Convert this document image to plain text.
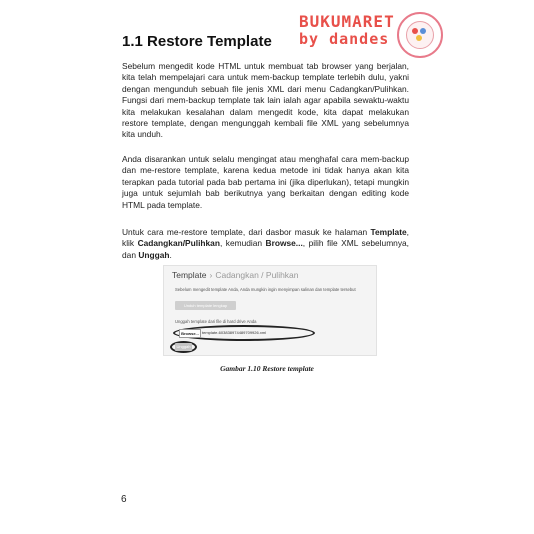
BUKUMARET
by dandes
1.1 Restore Template

Sebelum mengedit kode HTML untuk membuat tab browser yang berjalan, kita telah mempelajari cara untuk mem-backup template terlebih dulu, yakni dengan mengunduh sebuah file jenis XML dari menu Cadangkan/Pulihkan. Fungsi dari mem-backup template tak lain ialah agar apabila sewaktu-waktu kita melakukan kesalahan dalam mengedit kode, kita dapat melakukan restore template, dengan mengunggah kembali file XML yang sebelumnya kita unduh.

Anda disarankan untuk selalu mengingat atau menghafal cara mem-backup dan me-restore template, karena kedua metode ini tidak hanya akan kita terapkan pada tutorial pada bab pertama ini (jika diperlukan), tetapi mungkin juga untuk sejumlah bab berikutnya yang berkaitan dengan editing kode HTML pada template.

Untuk cara me-restore template, dari dasbor masuk ke halaman Template, klik Cadangkan/Pulihkan, kemudian Browse..., pilih file XML sebelumnya, dan Unggah.

Template › Cadangkan / Pulihkan
Sebelum mengedit template Anda, Anda mungkin ingin menyimpan salinan dan template tersebut
Unduh template lengkap
Unggah template dari file di hard drive Anda
Browse... template-603838974489709926.xml
Unggah
Gambar 1.10 Restore template
6
